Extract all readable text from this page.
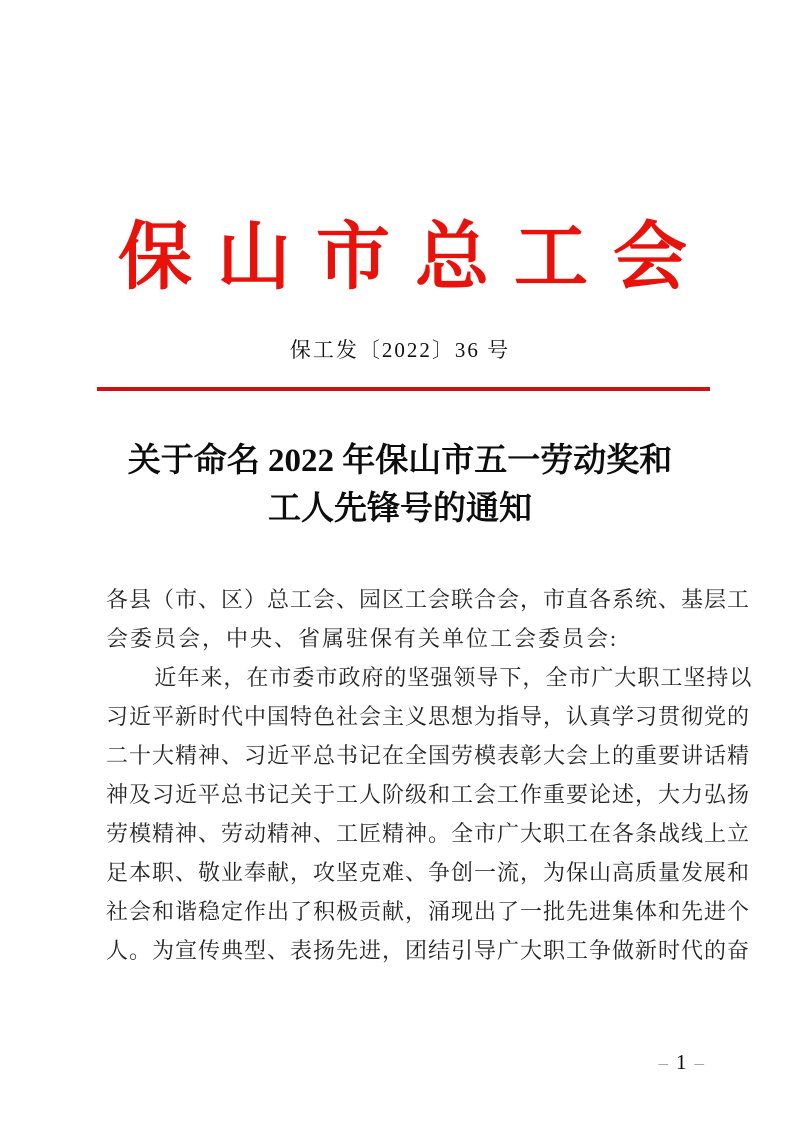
保山市总工会
保工发〔2022〕36 号
关于命名 2022 年保山市五一劳动奖和
工人先锋号的通知
各县（市、区）总工会、园区工会联合会，市直各系统、基层工
会委员会，中央、省属驻保有关单位工会委员会:
近年来，在市委市政府的坚强领导下，全市广大职工坚持以
习近平新时代中国特色社会主义思想为指导，认真学习贯彻党的
二十大精神、习近平总书记在全国劳模表彰大会上的重要讲话精
神及习近平总书记关于工人阶级和工会工作重要论述，大力弘扬
劳模精神、劳动精神、工匠精神。全市广大职工在各条战线上立
足本职、敬业奉献，攻坚克难、争创一流，为保山高质量发展和
社会和谐稳定作出了积极贡献，涌现出了一批先进集体和先进个
人。为宣传典型、表扬先进，团结引导广大职工争做新时代的奋
– 1 –
